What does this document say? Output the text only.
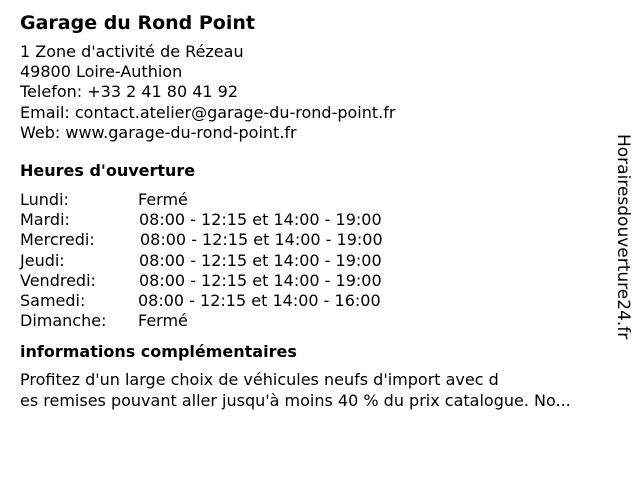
Garage du Rond Point
1 Zone d'activité de Rézeau
49800 Loire-Authion
Telefon: +33 2 41 80 41 92
Email: contact.atelier@garage-du-rond-point.fr
Web: www.garage-du-rond-point.fr
Heures d'ouverture
Lundi:	Fermé
Mardi:	08:00 - 12:15 et 14:00 - 19:00
Mercredi:	08:00 - 12:15 et 14:00 - 19:00
Jeudi:	08:00 - 12:15 et 14:00 - 19:00
Vendredi:	08:00 - 12:15 et 14:00 - 19:00
Samedi:	08:00 - 12:15 et 14:00 - 16:00
Dimanche: Fermé
informations complémentaires
Profitez d'un large choix de véhicules neufs d'import avec d
es remises pouvant aller jusqu'à moins 40 % du prix catalogue. No...
Horairesdouverture24.fr
